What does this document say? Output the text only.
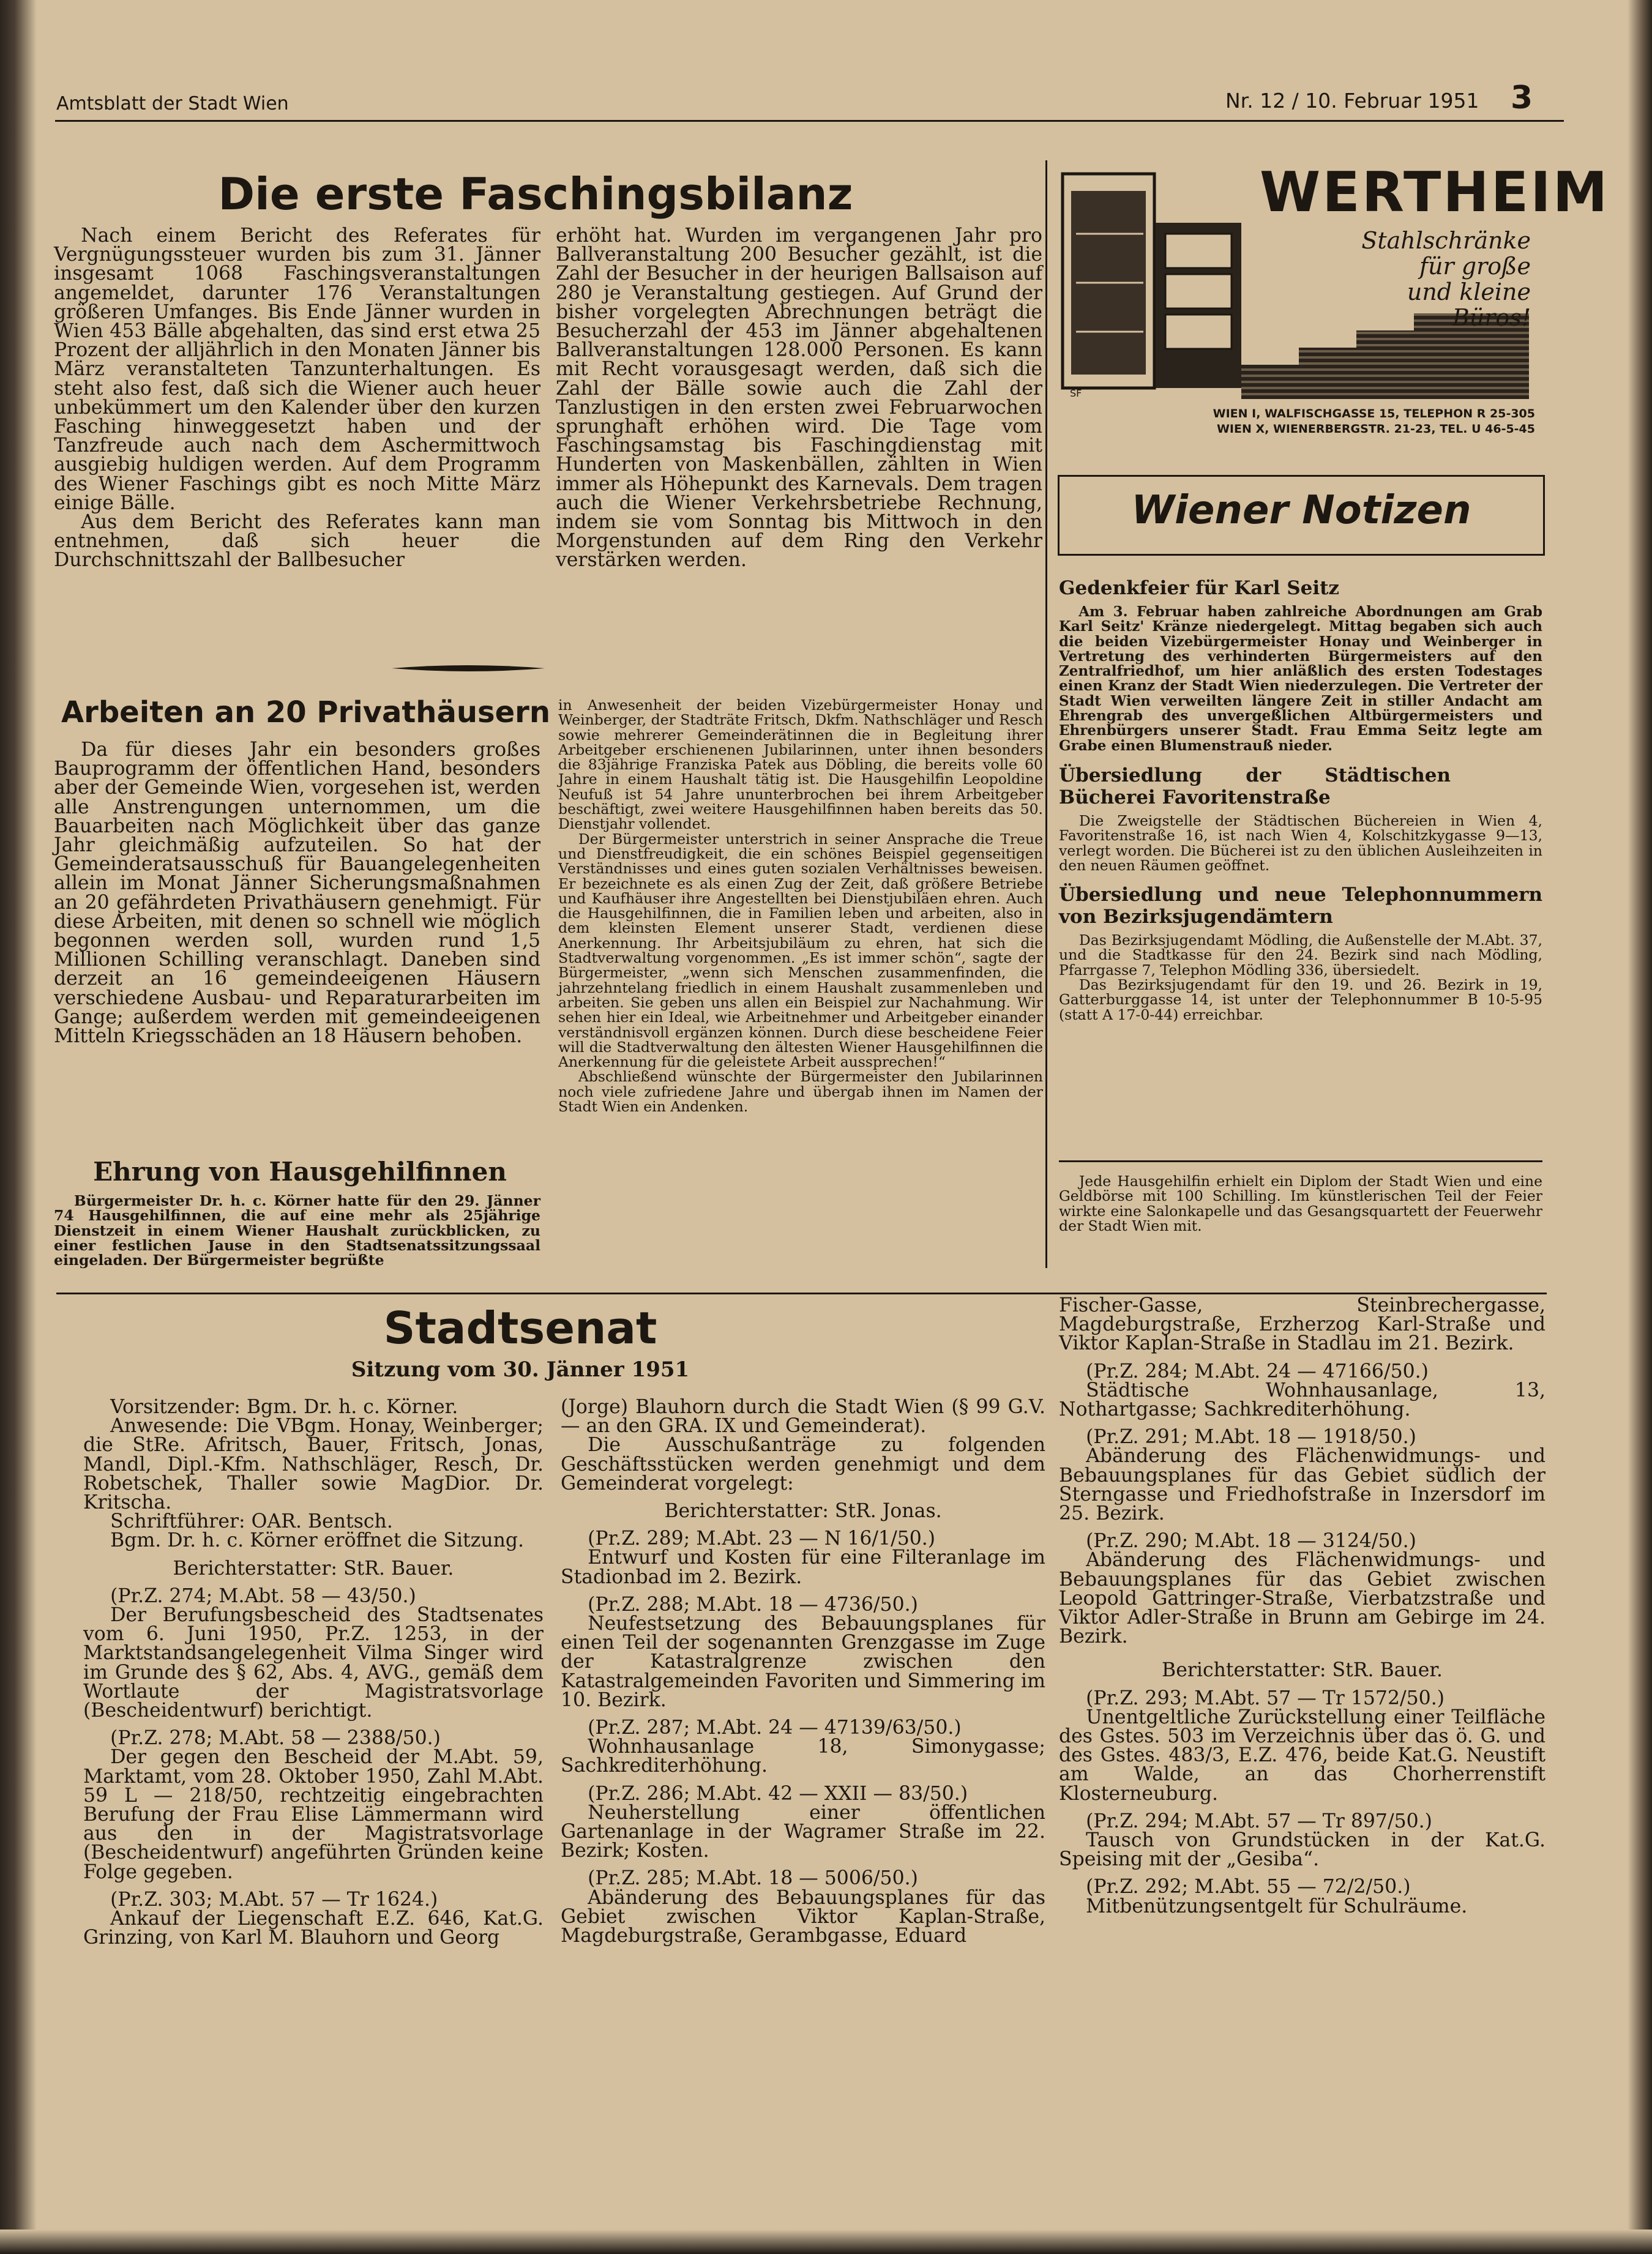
Amtsblatt der Stadt Wien	Nr. 12 / 10. Februar 1951 3
Die erste Faschingsbilanz

Nach einem Bericht des Referates für Vergnügungssteuer wurden bis zum 31. Jänner insgesamt 1068 Faschingsveranstaltungen angemeldet, darunter 176 Veranstaltungen größeren Umfanges. Bis Ende Jänner wurden in Wien 453 Bälle abgehalten, das sind erst etwa 25 Prozent der alljährlich in den Monaten Jänner bis März veranstalteten Tanzunterhaltungen. Es steht also fest, daß sich die Wiener auch heuer unbekümmert um den Kalender über den kurzen Fasching hinweggesetzt haben und der Tanzfreude auch nach dem Aschermittwoch ausgiebig huldigen werden. Auf dem Programm des Wiener Faschings gibt es noch Mitte März einige Bälle.

Aus dem Bericht des Referates kann man entnehmen, daß sich heuer die Durchschnittszahl der Ballbesucher

erhöht hat. Wurden im vergangenen Jahr pro Ballveranstaltung 200 Besucher gezählt, ist die Zahl der Besucher in der heurigen Ballsaison auf 280 je Veranstaltung gestiegen. Auf Grund der bisher vorgelegten Abrechnungen beträgt die Besucherzahl der 453 im Jänner abgehaltenen Ballveranstaltungen 128.000 Personen. Es kann mit Recht vorausgesagt werden, daß sich die Zahl der Bälle sowie auch die Zahl der Tanzlustigen in den ersten zwei Februarwochen sprunghaft erhöhen wird. Die Tage vom Faschingsamstag bis Faschingdienstag mit Hunderten von Maskenbällen, zählten in Wien immer als Höhepunkt des Karnevals. Dem tragen auch die Wiener Verkehrsbetriebe Rechnung, indem sie vom Sonntag bis Mittwoch in den Morgenstunden auf dem Ring den Verkehr verstärken werden.

SF
WERTHEIM
Stahlschränke
für große
und kleine
Büros!
WIEN I, WALFISCHGASSE 15, TELEPHON R 25-305
WIEN X, WIENERBERGSTR. 21-23, TEL. U 46-5-45
Wiener Notizen
Gedenkfeier für Karl Seitz

Am 3. Februar haben zahlreiche Abordnungen am Grab Karl Seitz' Kränze niedergelegt. Mittag begaben sich auch die beiden Vizebürgermeister Honay und Weinberger in Vertretung des verhinderten Bürgermeisters auf den Zentralfriedhof, um hier anläßlich des ersten Todestages einen Kranz der Stadt Wien niederzulegen. Die Vertreter der Stadt Wien verweilten längere Zeit in stiller Andacht am Ehrengrab des unvergeßlichen Altbürgermeisters und Ehrenbürgers unserer Stadt. Frau Emma Seitz legte am Grabe einen Blumenstrauß nieder.

Übersiedlung der Städtischen Bücherei Favoritenstraße

Die Zweigstelle der Städtischen Büchereien in Wien 4, Favoritenstraße 16, ist nach Wien 4, Kolschitzkygasse 9—13, verlegt worden. Die Bücherei ist zu den üblichen Ausleihzeiten in den neuen Räumen geöffnet.

Übersiedlung und neue Telephonnummern von Bezirksjugendämtern

Das Bezirksjugendamt Mödling, die Außenstelle der M.Abt. 37, und die Stadtkasse für den 24. Bezirk sind nach Mödling, Pfarrgasse 7, Telephon Mödling 336, übersiedelt.

Das Bezirksjugendamt für den 19. und 26. Bezirk in 19, Gatterburggasse 14, ist unter der Telephonnummer B 10-5-95 (statt A 17-0-44) erreichbar.

Jede Hausgehilfin erhielt ein Diplom der Stadt Wien und eine Geldbörse mit 100 Schilling. Im künstlerischen Teil der Feier wirkte eine Salonkapelle und das Gesangsquartett der Feuerwehr der Stadt Wien mit.

Arbeiten an 20 Privathäusern

Da für dieses Jahr ein besonders großes Bauprogramm der öffentlichen Hand, besonders aber der Gemeinde Wien, vorgesehen ist, werden alle Anstrengungen unternommen, um die Bauarbeiten nach Möglichkeit über das ganze Jahr gleichmäßig aufzuteilen. So hat der Gemeinderatsausschuß für Bauangelegenheiten allein im Monat Jänner Sicherungsmaßnahmen an 20 gefährdeten Privathäusern genehmigt. Für diese Arbeiten, mit denen so schnell wie möglich begonnen werden soll, wurden rund 1,5 Millionen Schilling veranschlagt. Daneben sind derzeit an 16 gemeindeeigenen Häusern verschiedene Ausbau- und Reparaturarbeiten im Gange; außerdem werden mit gemeindeeigenen Mitteln Kriegsschäden an 18 Häusern behoben.

Ehrung von Hausgehilfinnen

Bürgermeister Dr. h. c. Körner hatte für den 29. Jänner 74 Hausgehilfinnen, die auf eine mehr als 25jährige Dienstzeit in einem Wiener Haushalt zurückblicken, zu einer festlichen Jause in den Stadtsenatssitzungssaal eingeladen. Der Bürgermeister begrüßte

in Anwesenheit der beiden Vizebürgermeister Honay und Weinberger, der Stadträte Fritsch, Dkfm. Nathschläger und Resch sowie mehrerer Gemeinderätinnen die in Begleitung ihrer Arbeitgeber erschienenen Jubilarinnen, unter ihnen besonders die 83jährige Franziska Patek aus Döbling, die bereits volle 60 Jahre in einem Haushalt tätig ist. Die Hausgehilfin Leopoldine Neufuß ist 54 Jahre ununterbrochen bei ihrem Arbeitgeber beschäftigt, zwei weitere Hausgehilfinnen haben bereits das 50. Dienstjahr vollendet.

Der Bürgermeister unterstrich in seiner Ansprache die Treue und Dienstfreudigkeit, die ein schönes Beispiel gegenseitigen Verständnisses und eines guten sozialen Verhältnisses beweisen. Er bezeichnete es als einen Zug der Zeit, daß größere Betriebe und Kaufhäuser ihre Angestellten bei Dienstjubiläen ehren. Auch die Hausgehilfinnen, die in Familien leben und arbeiten, also in dem kleinsten Element unserer Stadt, verdienen diese Anerkennung. Ihr Arbeitsjubiläum zu ehren, hat sich die Stadtverwaltung vorgenommen. „Es ist immer schön“, sagte der Bürgermeister, „wenn sich Menschen zusammenfinden, die jahrzehntelang friedlich in einem Haushalt zusammenleben und arbeiten. Sie geben uns allen ein Beispiel zur Nachahmung. Wir sehen hier ein Ideal, wie Arbeitnehmer und Arbeitgeber einander verständnisvoll ergänzen können. Durch diese bescheidene Feier will die Stadtverwaltung den ältesten Wiener Hausgehilfinnen die Anerkennung für die geleistete Arbeit aussprechen!“

Abschließend wünschte der Bürgermeister den Jubilarinnen noch viele zufriedene Jahre und übergab ihnen im Namen der Stadt Wien ein Andenken.

Stadtsenat
Sitzung vom 30. Jänner 1951

Vorsitzender: Bgm. Dr. h. c. Körner.

Anwesende: Die VBgm. Honay, Weinberger; die StRe. Afritsch, Bauer, Fritsch, Jonas, Mandl, Dipl.-Kfm. Nathschläger, Resch, Dr. Robetschek, Thaller sowie MagDior. Dr. Kritscha.

Schriftführer: OAR. Bentsch.

Bgm. Dr. h. c. Körner eröffnet die Sitzung.

Berichterstatter: StR. Bauer.

(Pr.Z. 274; M.Abt. 58 — 43/50.)

Der Berufungsbescheid des Stadtsenates vom 6. Juni 1950, Pr.Z. 1253, in der Marktstandsangelegenheit Vilma Singer wird im Grunde des § 62, Abs. 4, AVG., gemäß dem Wortlaute der Magistratsvorlage (Bescheidentwurf) berichtigt.

(Pr.Z. 278; M.Abt. 58 — 2388/50.)

Der gegen den Bescheid der M.Abt. 59, Marktamt, vom 28. Oktober 1950, Zahl M.Abt. 59 L — 218/50, rechtzeitig eingebrachten Berufung der Frau Elise Lämmermann wird aus den in der Magistratsvorlage (Bescheidentwurf) angeführten Gründen keine Folge gegeben.

(Pr.Z. 303; M.Abt. 57 — Tr 1624.)

Ankauf der Liegenschaft E.Z. 646, Kat.G. Grinzing, von Karl M. Blauhorn und Georg

(Jorge) Blauhorn durch die Stadt Wien (§ 99 G.V. — an den GRA. IX und Gemeinderat).

Die Ausschußanträge zu folgenden Geschäftsstücken werden genehmigt und dem Gemeinderat vorgelegt:

Berichterstatter: StR. Jonas.

(Pr.Z. 289; M.Abt. 23 — N 16/1/50.)

Entwurf und Kosten für eine Filteranlage im Stadionbad im 2. Bezirk.

(Pr.Z. 288; M.Abt. 18 — 4736/50.)

Neufestsetzung des Bebauungsplanes für einen Teil der sogenannten Grenzgasse im Zuge der Katastralgrenze zwischen den Katastralgemeinden Favoriten und Simmering im 10. Bezirk.

(Pr.Z. 287; M.Abt. 24 — 47139/63/50.)

Wohnhausanlage 18, Simonygasse; Sachkrediterhöhung.

(Pr.Z. 286; M.Abt. 42 — XXII — 83/50.)

Neuherstellung einer öffentlichen Gartenanlage in der Wagramer Straße im 22. Bezirk; Kosten.

(Pr.Z. 285; M.Abt. 18 — 5006/50.)

Abänderung des Bebauungsplanes für das Gebiet zwischen Viktor Kaplan-Straße, Magdeburgstraße, Gerambgasse, Eduard

Fischer-Gasse, Steinbrechergasse, Magdeburgstraße, Erzherzog Karl-Straße und Viktor Kaplan-Straße in Stadlau im 21. Bezirk.

(Pr.Z. 284; M.Abt. 24 — 47166/50.)

Städtische Wohnhausanlage, 13, Nothartgasse; Sachkrediterhöhung.

(Pr.Z. 291; M.Abt. 18 — 1918/50.)

Abänderung des Flächenwidmungs- und Bebauungsplanes für das Gebiet südlich der Sterngasse und Friedhofstraße in Inzersdorf im 25. Bezirk.

(Pr.Z. 290; M.Abt. 18 — 3124/50.)

Abänderung des Flächenwidmungs- und Bebauungsplanes für das Gebiet zwischen Leopold Gattringer-Straße, Vierbatzstraße und Viktor Adler-Straße in Brunn am Gebirge im 24. Bezirk.

Berichterstatter: StR. Bauer.

(Pr.Z. 293; M.Abt. 57 — Tr 1572/50.)

Unentgeltliche Zurückstellung einer Teilfläche des Gstes. 503 im Verzeichnis über das ö. G. und des Gstes. 483/3, E.Z. 476, beide Kat.G. Neustift am Walde, an das Chorherrenstift Klosterneuburg.

(Pr.Z. 294; M.Abt. 57 — Tr 897/50.)

Tausch von Grundstücken in der Kat.G. Speising mit der „Gesiba“.

(Pr.Z. 292; M.Abt. 55 — 72/2/50.)

Mitbenützungsentgelt für Schulräume.
